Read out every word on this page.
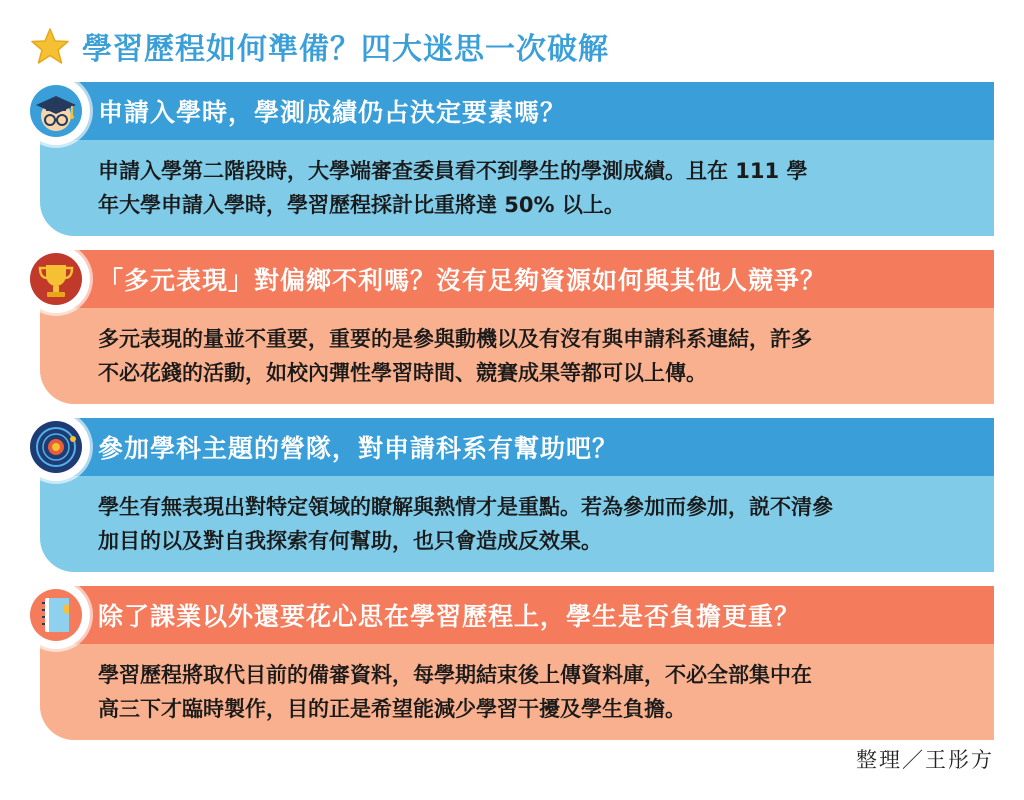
學習歷程如何準備？四大迷思一次破解
申請入學時，學測成績仍占決定要素嗎？
申請入學第二階段時，大學端審查委員看不到學生的學測成績。且在 111 學
年大學申請入學時，學習歷程採計比重將達 50% 以上。
「多元表現」對偏鄉不利嗎？沒有足夠資源如何與其他人競爭？
多元表現的量並不重要，重要的是參與動機以及有沒有與申請科系連結，許多
不必花錢的活動，如校內彈性學習時間、競賽成果等都可以上傳。
參加學科主題的營隊，對申請科系有幫助吧？
學生有無表現出對特定領域的瞭解與熱情才是重點。若為參加而參加，説不清參
加目的以及對自我探索有何幫助，也只會造成反效果。
除了課業以外還要花心思在學習歷程上，學生是否負擔更重？
學習歷程將取代目前的備審資料，每學期結束後上傳資料庫，不必全部集中在
高三下才臨時製作，目的正是希望能減少學習干擾及學生負擔。
整理／王彤方
